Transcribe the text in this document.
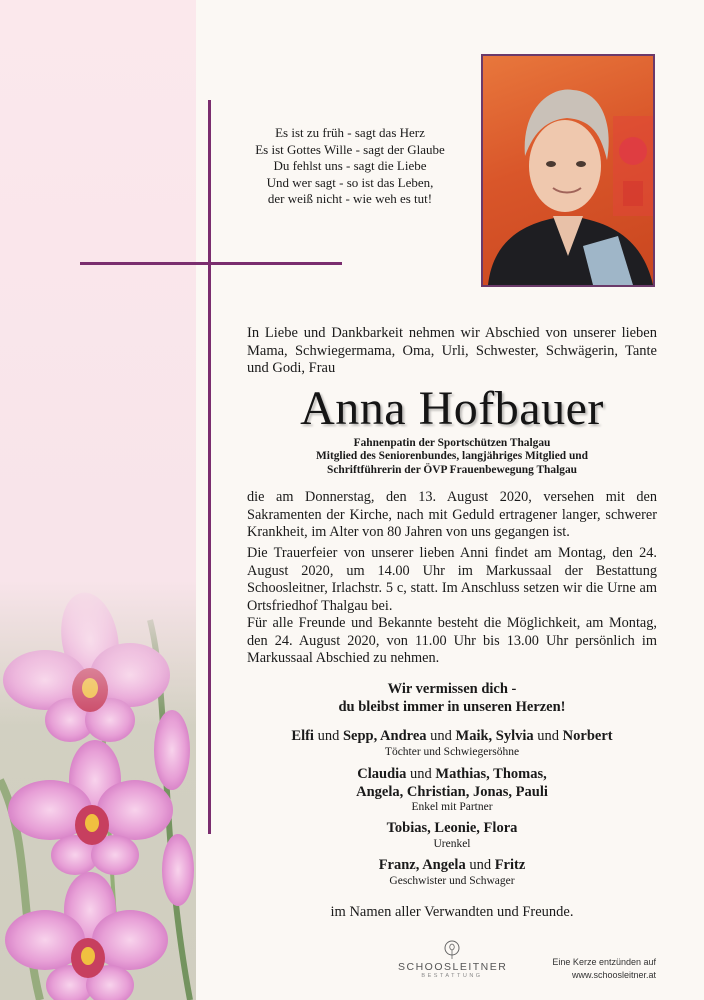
Es ist zu früh - sagt das Herz
Es ist Gottes Wille - sagt der Glaube
Du fehlst uns - sagt die Liebe
Und wer sagt - so ist das Leben,
der weiß nicht - wie weh es tut!
In Liebe und Dankbarkeit nehmen wir Abschied von unserer lieben Mama, Schwiegermama, Oma, Urli, Schwester, Schwägerin, Tante und Godi, Frau
Anna Hofbauer
Fahnenpatin der Sportschützen Thalgau
Mitglied des Seniorenbundes, langjähriges Mitglied und
Schriftführerin der ÖVP Frauenbewegung Thalgau
die am Donnerstag, den 13. August 2020, versehen mit den Sakramenten der Kirche, nach mit Geduld ertragener langer, schwerer Krankheit, im Alter von 80 Jahren von uns gegangen ist.
Die Trauerfeier von unserer lieben Anni findet am Montag, den 24. August 2020, um 14.00 Uhr im Markussaal der Bestattung Schoosleitner, Irlachstr. 5 c, statt. Im Anschluss setzen wir die Urne am Ortsfriedhof Thalgau bei.
Für alle Freunde und Bekannte besteht die Möglichkeit, am Montag, den 24. August 2020, von 11.00 Uhr bis 13.00 Uhr persönlich im Markussaal Abschied zu nehmen.
Wir vermissen dich -
du bleibst immer in unseren Herzen!
Elfi und Sepp, Andrea und Maik, Sylvia und Norbert
Töchter und Schwiegersöhne
Claudia und Mathias, Thomas,
Angela, Christian, Jonas, Pauli
Enkel mit Partner
Tobias, Leonie, Flora
Urenkel
Franz, Angela und Fritz
Geschwister und Schwager
im Namen aller Verwandten und Freunde.
SCHOOSLEITNER
BESTATTUNG
Eine Kerze entzünden auf
www.schoosleitner.at
